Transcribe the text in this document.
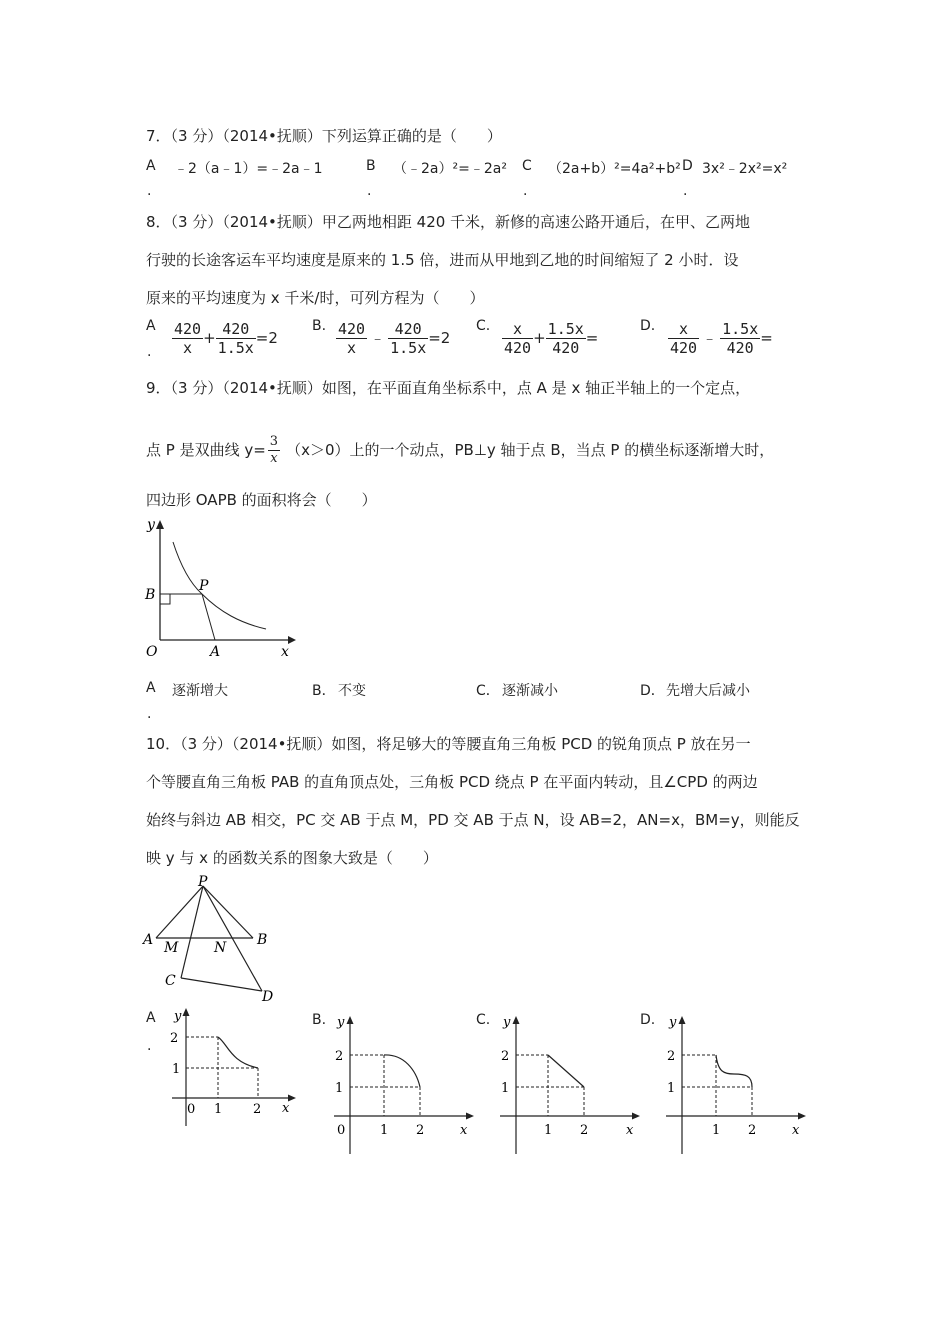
7．（3 分）（2014•抚顺）下列运算正确的是（　　）
A ﹣2（a﹣1）=﹣2a﹣1
.
B （﹣2a）²=﹣2a²
.
C （2a+b）²=4a²+b²
.
D 3x²﹣2x²=x²
.
8．（3 分）（2014•抚顺）甲乙两地相距 420 千米，新修的高速公路开通后，在甲、乙两地
行驶的长途客运车平均速度是原来的 1.5 倍，进而从甲地到乙地的时间缩短了 2 小时．设
原来的平均速度为 x 千米/时，可列方程为（　　）
A
. $\frac{420}{x} + \frac{420}{1.5x} =2$
B. $\frac{420}{x}$ ﹣ $\frac{420}{1.5x} =2$
C. $\frac{x}{420} + \frac{1.5x}{420}$ =
D. $\frac{x}{420}$ ﹣ $\frac{1.5x}{420}$ =
9．（3 分）（2014•抚顺）如图，在平面直角坐标系中，点 A 是 x 轴正半轴上的一个定点，
点 P 是双曲线 $y= \frac{3}{x} (x>0)$上的一个动点，PB⊥y 轴于点 B，当点 P 的横坐标逐渐增大时，
四边形 OAPB 的面积将会（　　）
y
x
O	A
B
P
A 逐渐增大
.
B． 不变	C． 逐渐减小	D． 先增大后减小
10．（3 分）（2014•抚顺）如图，将足够大的等腰直角三角板 PCD 的锐角顶点 P 放在另一
个等腰直角三角板 PAB 的直角顶点处，三角板 PCD 绕点 P 在平面内转动，且∠CPD 的两边
始终与斜边 AB 相交，PC 交 AB 于点 M，PD 交 AB 于点 N，设 AB=2，AN=x，BM=y，则能反
映 y 与 x 的函数关系的图象大致是（　　）
P
A M	N B
C
D
A
.
B.	C.	D.
y
x
2
1
0 1 2
y
x
2
1
0	1 2
y
x
2
1
1 2
y
x
2
1
1 2
